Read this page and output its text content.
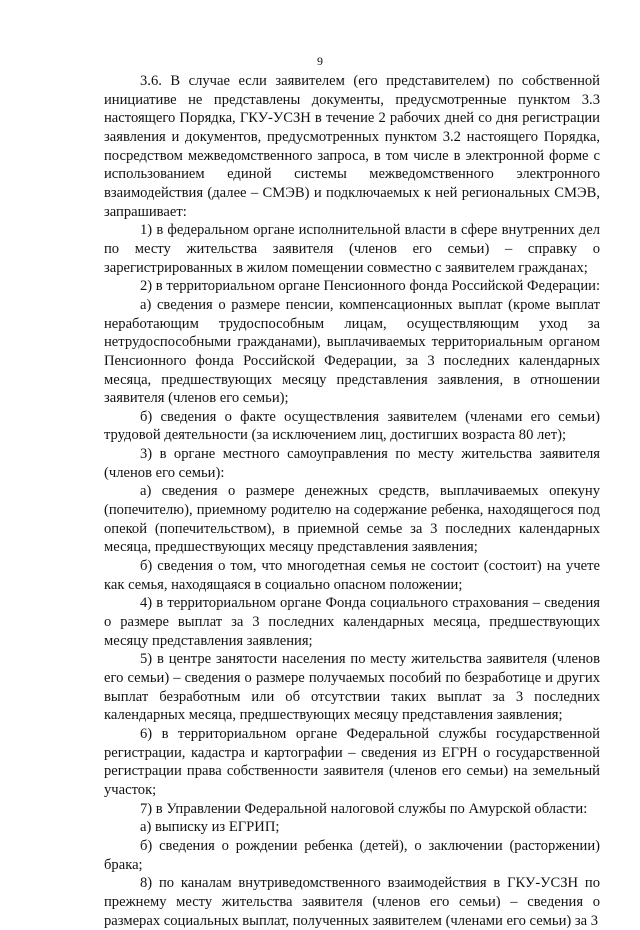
9

3.6. В случае если заявителем (его представителем) по собственной инициативе не представлены документы, предусмотренные пунктом 3.3 настоящего Порядка, ГКУ-УСЗН в течение 2 рабочих дней со дня регистрации заявления и документов, предусмотренных пунктом 3.2 настоящего Порядка, посредством межведомственного запроса, в том числе в электронной форме с использованием единой системы межведомственного электронного взаимодействия (далее – СМЭВ) и подключаемых к ней региональных СМЭВ, запрашивает:

1) в федеральном органе исполнительной власти в сфере внутренних дел по месту жительства заявителя (членов его семьи) – справку о зарегистрированных в жилом помещении совместно с заявителем гражданах;

2) в территориальном органе Пенсионного фонда Российской Федерации:

а) сведения о размере пенсии, компенсационных выплат (кроме выплат неработающим трудоспособным лицам, осуществляющим уход за нетрудоспособными гражданами), выплачиваемых территориальным органом Пенсионного фонда Российской Федерации, за 3 последних календарных месяца, предшествующих месяцу представления заявления, в отношении заявителя (членов его семьи);

б) сведения о факте осуществления заявителем (членами его семьи) трудовой деятельности (за исключением лиц, достигших возраста 80 лет);

3) в органе местного самоуправления по месту жительства заявителя (членов его семьи):

а) сведения о размере денежных средств, выплачиваемых опекуну (попечителю), приемному родителю на содержание ребенка, находящегося под опекой (попечительством), в приемной семье за 3 последних календарных месяца, предшествующих месяцу представления заявления;

б) сведения о том, что многодетная семья не состоит (состоит) на учете как семья, находящаяся в социально опасном положении;

4) в территориальном органе Фонда социального страхования – сведения о размере выплат за 3 последних календарных месяца, предшествующих месяцу представления заявления;

5) в центре занятости населения по месту жительства заявителя (членов его семьи) – сведения о размере получаемых пособий по безработице и других выплат безработным или об отсутствии таких выплат за 3 последних календарных месяца, предшествующих месяцу представления заявления;

6) в территориальном органе Федеральной службы государственной регистрации, кадастра и картографии – сведения из ЕГРН о государственной регистрации права собственности заявителя (членов его семьи) на земельный участок;

7) в Управлении Федеральной налоговой службы по Амурской области:

а) выписку из ЕГРИП;

б) сведения о рождении ребенка (детей), о заключении (расторжении) брака;

8) по каналам внутриведомственного взаимодействия в ГКУ-УСЗН по прежнему месту жительства заявителя (членов его семьи) – сведения о размерах социальных выплат, полученных заявителем (членами его семьи) за 3
